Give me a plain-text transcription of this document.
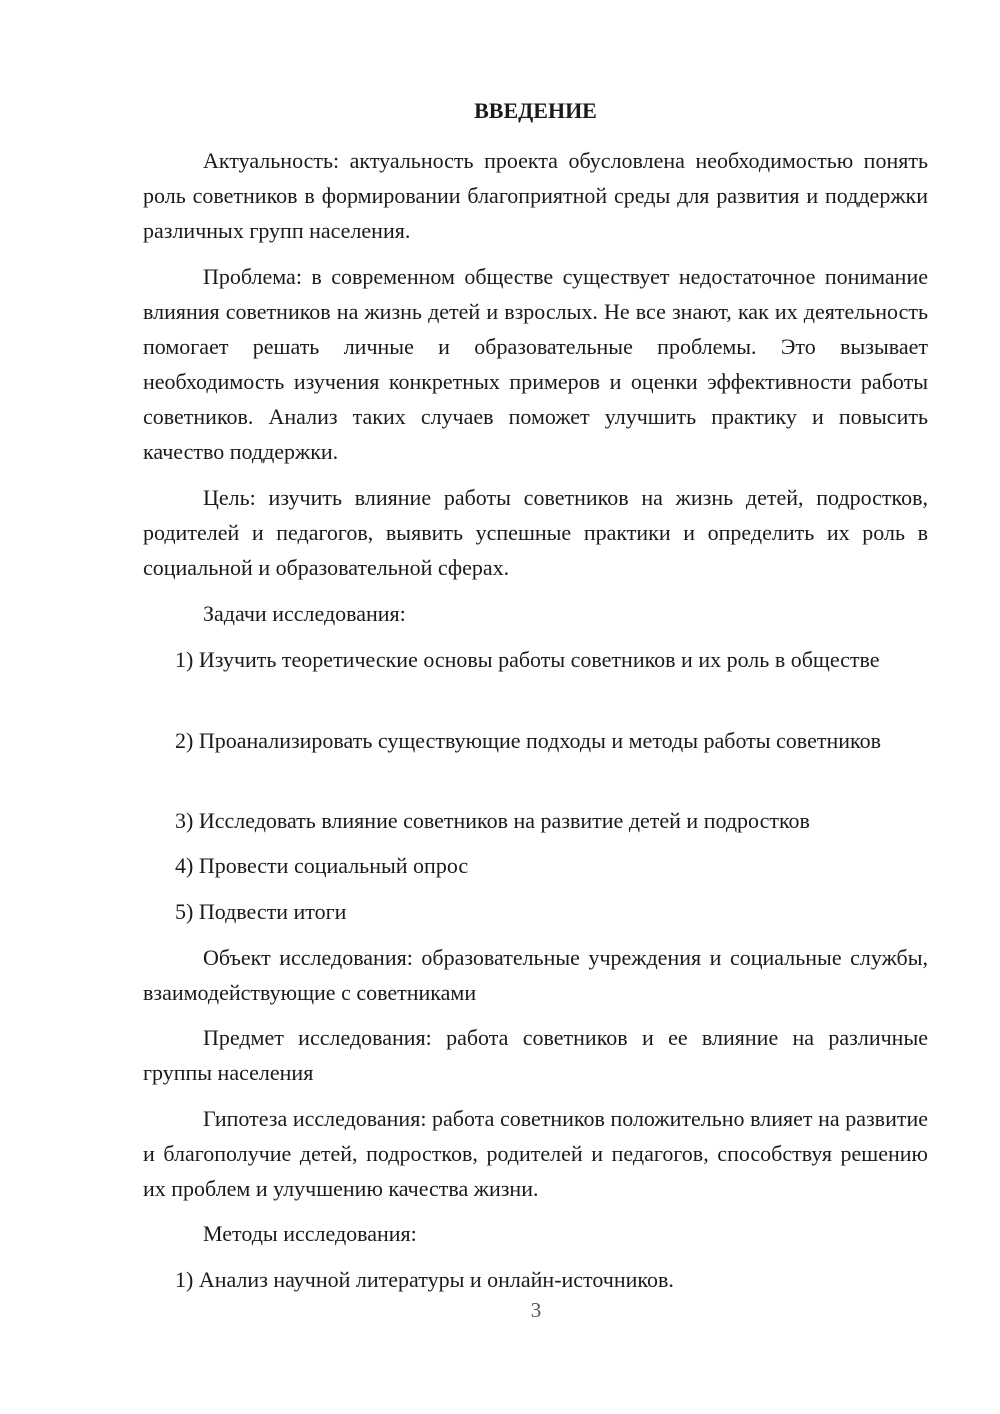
ВВЕДЕНИЕ

Актуальность: актуальность проекта обусловлена необходимостью понять роль советников в формировании благоприятной среды для развития и поддержки различных групп населения.

Проблема: в современном обществе существует недостаточное понимание влияния советников на жизнь детей и взрослых. Не все знают, как их деятельность помогает решать личные и образовательные проблемы. Это вызывает необходимость изучения конкретных примеров и оценки эффективности работы советников. Анализ таких случаев поможет улучшить практику и повысить качество поддержки.

Цель: изучить влияние работы советников на жизнь детей, подростков, родителей и педагогов, выявить успешные практики и определить их роль в социальной и образовательной сферах.

Задачи исследования:

1) Изучить теоретические основы работы советников и их роль в обществе

2) Проанализировать существующие подходы и методы работы советников

3) Исследовать влияние советников на развитие детей и подростков

4) Провести социальный опрос

5) Подвести итоги

Объект исследования: образовательные учреждения и социальные службы, взаимодействующие с советниками

Предмет исследования: работа советников и ее влияние на различные группы населения

Гипотеза исследования: работа советников положительно влияет на развитие и благополучие детей, подростков, родителей и педагогов, способствуя решению их проблем и улучшению качества жизни.

Методы исследования:

1) Анализ научной литературы и онлайн-источников.

3
